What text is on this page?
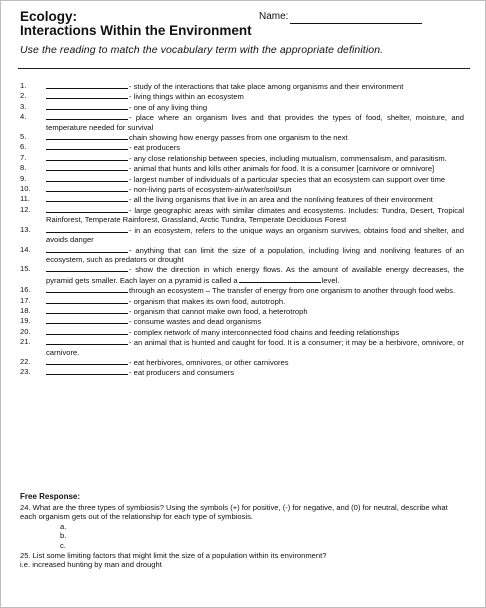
Ecology:
Interactions Within the Environment
Name:
Use the reading to match the vocabulary term with the appropriate definition.
1.	- study of the interactions that take place among organisms and their environment
2.	- living things within an ecosystem
3.	- one of any living thing
4.	- place where an organism lives and that provides the types of food, shelter, moisture, and temperature needed for survival
5.	chain showing how energy passes from one organism to the next
6.	- eat producers
7.	- any close relationship between species, including mutualism, commensalism, and parasitism.
8.	- animal that hunts and kills other animals for food. It is a consumer [carnivore or omnivore]
9.	- largest number of individuals of a particular species that an ecosystem can support over time
10.	- non-living parts of ecosystem-air/water/soil/sun
11.	- all the living organisms that live in an area and the nonliving features of their environment
12.	- large geographic areas with similar climates and ecosystems. Includes: Tundra, Desert, Tropical Rainforest, Temperate Rainforest, Grassland, Arctic Tundra, Temperate Deciduous Forest
13.	- in an ecosystem, refers to the unique ways an organism survives, obtains food and shelter, and avoids danger
14.	- anything that can limit the size of a population, including living and nonliving features of an ecosystem, such as predators or drought
15.	- show the direction in which energy flows. As the amount of available energy decreases, the pyramid gets smaller. Each layer on a pyramid is called a	level.
16.	through an ecosystem – The transfer of energy from one organism to another through food webs.
17.	- organism that makes its own food, autotroph.
18.	- organism that cannot make own food, a heterotroph
19.	- consume wastes and dead organisms
20.	- complex network of many interconnected food chains and feeding relationships
21.	- an animal that is hunted and caught for food. It is a consumer; it may be a herbivore, omnivore, or carnivore.
22.	- eat herbivores, omnivores, or other carnivores
23.	- eat producers and consumers
Free Response:
24. What are the three types of symbiosis? Using the symbols (+) for positive, (-) for negative, and (0) for neutral, describe what each organism gets out of the relationship for each type of symbiosis.
a.
b.
c.
25. List some limiting factors that might limit the size of a population within its environment?
i.e. increased hunting by man and drought
